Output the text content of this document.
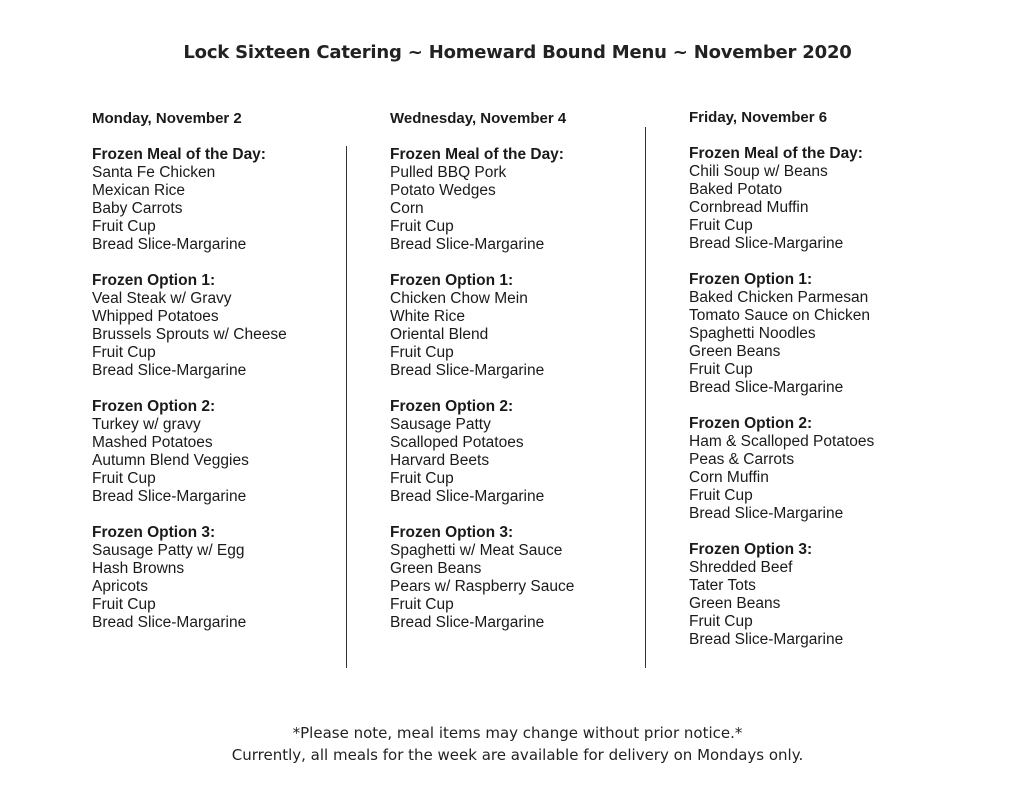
Lock Sixteen Catering ~ Homeward Bound Menu ~ November 2020
Monday, November 2
Frozen Meal of the Day:
Santa Fe Chicken
Mexican Rice
Baby Carrots
Fruit Cup
Bread Slice-Margarine
Frozen Option 1:
Veal Steak w/ Gravy
Whipped Potatoes
Brussels Sprouts w/ Cheese
Fruit Cup
Bread Slice-Margarine
Frozen Option 2:
Turkey w/ gravy
Mashed Potatoes
Autumn Blend Veggies
Fruit Cup
Bread Slice-Margarine
Frozen Option 3:
Sausage Patty w/ Egg
Hash Browns
Apricots
Fruit Cup
Bread Slice-Margarine
Wednesday, November 4
Frozen Meal of the Day:
Pulled BBQ Pork
Potato Wedges
Corn
Fruit Cup
Bread Slice-Margarine
Frozen Option 1:
Chicken Chow Mein
White Rice
Oriental Blend
Fruit Cup
Bread Slice-Margarine
Frozen Option 2:
Sausage Patty
Scalloped Potatoes
Harvard Beets
Fruit Cup
Bread Slice-Margarine
Frozen Option 3:
Spaghetti w/ Meat Sauce
Green Beans
Pears w/ Raspberry Sauce
Fruit Cup
Bread Slice-Margarine
Friday, November 6
Frozen Meal of the Day:
Chili Soup w/ Beans
Baked Potato
Cornbread Muffin
Fruit Cup
Bread Slice-Margarine
Frozen Option 1:
Baked Chicken Parmesan
Tomato Sauce on Chicken
Spaghetti Noodles
Green Beans
Fruit Cup
Bread Slice-Margarine
Frozen Option 2:
Ham & Scalloped Potatoes
Peas & Carrots
Corn Muffin
Fruit Cup
Bread Slice-Margarine
Frozen Option 3:
Shredded Beef
Tater Tots
Green Beans
Fruit Cup
Bread Slice-Margarine
*Please note, meal items may change without prior notice.*
Currently, all meals for the week are available for delivery on Mondays only.
